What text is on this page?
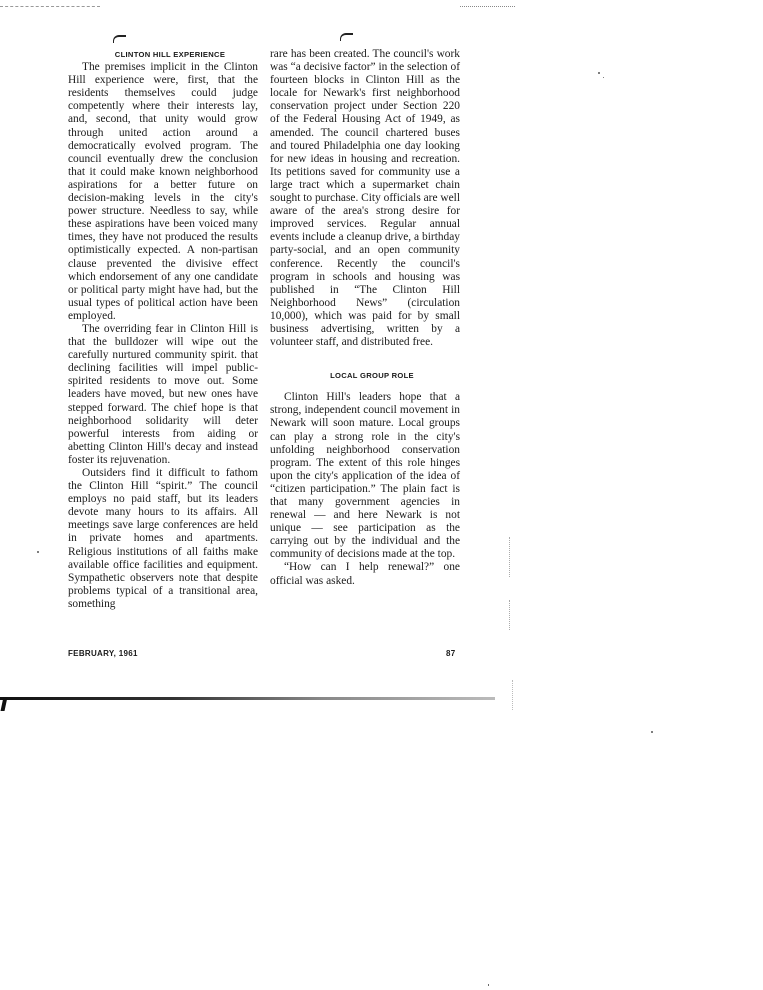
CLINTON HILL EXPERIENCE

The premises implicit in the Clinton Hill experience were, first, that the residents themselves could judge competently where their interests lay, and, second, that unity would grow through united action around a democratically evolved program. The council eventually drew the conclusion that it could make known neighborhood aspirations for a better future on decision-making levels in the city's power structure. Needless to say, while these aspirations have been voiced many times, they have not produced the results optimistically expected. A non-partisan clause prevented the divisive effect which endorsement of any one candidate or political party might have had, but the usual types of political action have been employed.

The overriding fear in Clinton Hill is that the bulldozer will wipe out the carefully nurtured community spirit. that declining facilities will impel public-spirited residents to move out. Some leaders have moved, but new ones have stepped forward. The chief hope is that neighborhood solidarity will deter powerful interests from aiding or abetting Clinton Hill's decay and instead foster its rejuvenation.

Outsiders find it difficult to fathom the Clinton Hill “spirit.” The council employs no paid staff, but its leaders devote many hours to its affairs. All meetings save large conferences are held in private homes and apartments. Religious institutions of all faiths make available office facilities and equipment. Sympathetic observers note that despite problems typical of a transitional area, something

rare has been created. The council's work was “a decisive factor” in the selection of fourteen blocks in Clinton Hill as the locale for Newark's first neighborhood conservation project under Section 220 of the Federal Housing Act of 1949, as amended. The council chartered buses and toured Philadelphia one day looking for new ideas in housing and recreation. Its petitions saved for community use a large tract which a supermarket chain sought to purchase. City officials are well aware of the area's strong desire for improved services. Regular annual events include a cleanup drive, a birthday party-social, and an open community conference. Recently the council's program in schools and housing was published in “The Clinton Hill Neighborhood News” (circulation 10,000), which was paid for by small business advertising, written by a volunteer staff, and distributed free.

LOCAL GROUP ROLE

Clinton Hill's leaders hope that a strong, independent council movement in Newark will soon mature. Local groups can play a strong role in the city's unfolding neighborhood conservation program. The extent of this role hinges upon the city's application of the idea of “citizen participation.” The plain fact is that many government agencies in renewal — and here Newark is not unique — see participation as the carrying out by the individual and the community of decisions made at the top.

“How can I help renewal?” one official was asked.

FEBRUARY, 1961	87
